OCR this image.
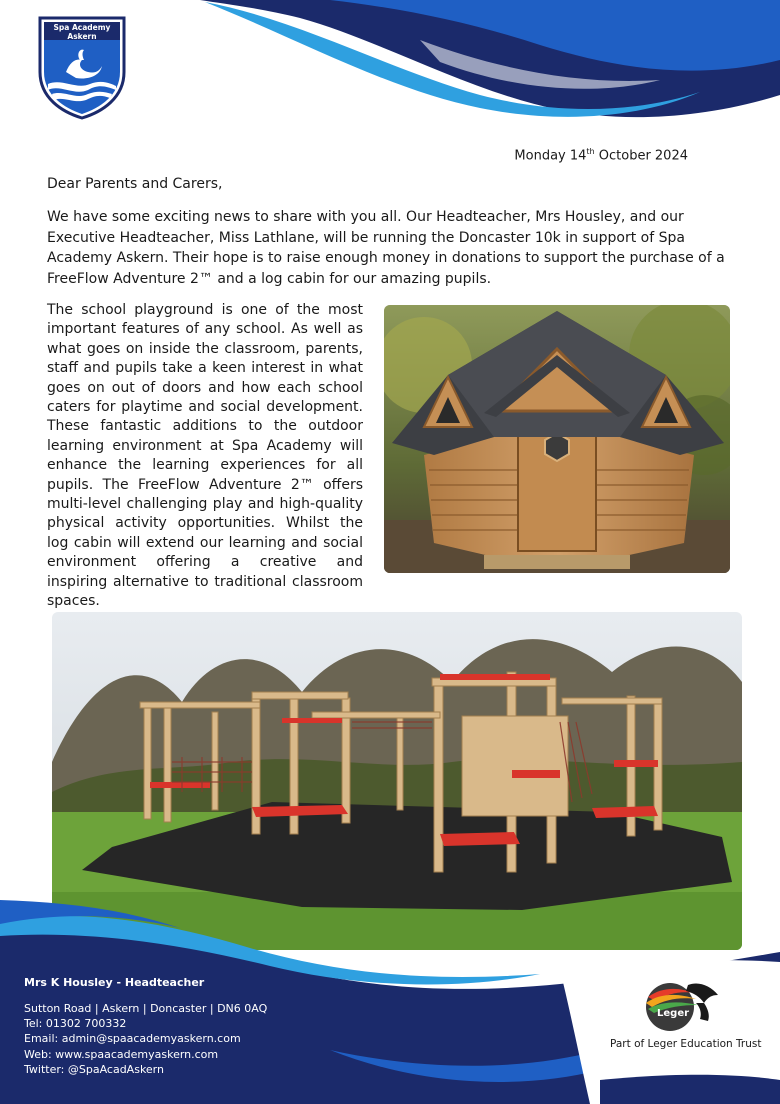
Spa Academy
Askern
Monday 14th October 2024
Dear Parents and Carers,
We have some exciting news to share with you all. Our Headteacher, Mrs Housley, and our Executive Headteacher, Miss Lathlane, will be running the Doncaster 10k in support of Spa Academy Askern. Their hope is to raise enough money in donations to support the purchase of a FreeFlow Adventure 2™ and a log cabin for our amazing pupils.
The school playground is one of the most important features of any school. As well as what goes on inside the classroom, parents, staff and pupils take a keen interest in what goes on out of doors and how each school caters for playtime and social development. These fantastic additions to the outdoor learning environment at Spa Academy will enhance the learning experiences for all pupils. The FreeFlow Adventure 2™ offers multi-level challenging play and high-quality physical activity opportunities. Whilst the log cabin will extend our learning and social environment offering a creative and inspiring alternative to traditional classroom spaces.
Mrs K Housley - Headteacher
Sutton Road | Askern | Doncaster | DN6 0AQ
Tel: 01302 700332
Email: admin@spaacademyaskern.com
Web: www.spaacademyaskern.com
Twitter: @SpaAcadAskern
Leger
Part of Leger Education Trust
